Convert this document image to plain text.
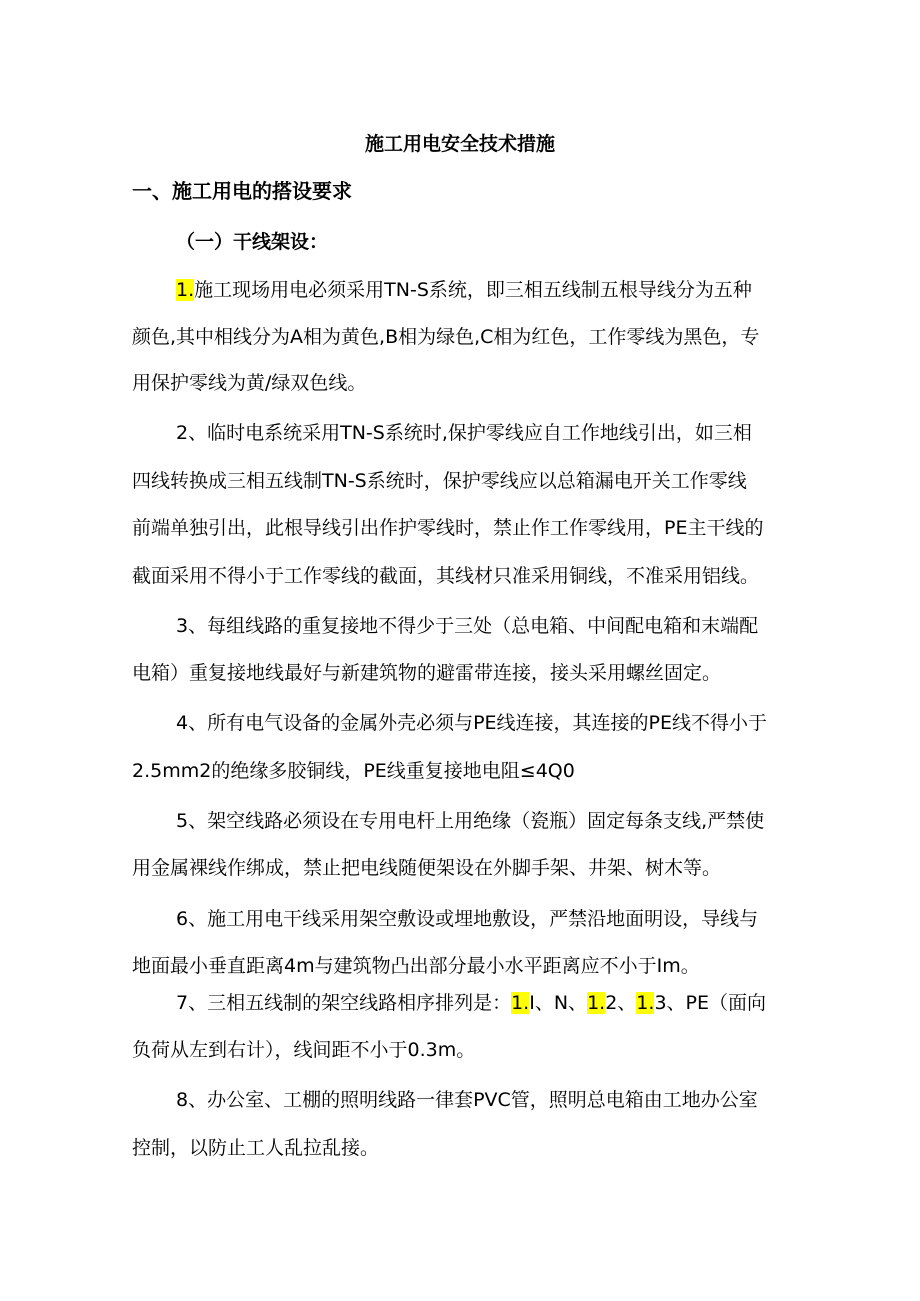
施工用电安全技术措施
一、施工用电的搭设要求
（一）干线架设：
1.施工现场用电必须采用TN-S系统，即三相五线制五根导线分为五种
颜色,其中相线分为A相为黄色,B相为绿色,C相为红色，工作零线为黑色，专
用保护零线为黄/绿双色线。
2、临时电系统采用TN-S系统时,保护零线应自工作地线引出，如三相
四线转换成三相五线制TN-S系统时，保护零线应以总箱漏电开关工作零线
前端单独引出，此根导线引出作护零线时，禁止作工作零线用，PE主干线的
截面采用不得小于工作零线的截面，其线材只准采用铜线，不准采用铝线。
3、每组线路的重复接地不得少于三处（总电箱、中间配电箱和末端配
电箱）重复接地线最好与新建筑物的避雷带连接，接头采用螺丝固定。
4、所有电气设备的金属外壳必须与PE线连接，其连接的PE线不得小于
2.5mm2的绝缘多胶铜线，PE线重复接地电阻≤4Q0
5、架空线路必须设在专用电杆上用绝缘（瓷瓶）固定每条支线,严禁使
用金属裸线作绑成，禁止把电线随便架设在外脚手架、井架、树木等。
6、施工用电干线采用架空敷设或埋地敷设，严禁沿地面明设，导线与
地面最小垂直距离4m与建筑物凸出部分最小水平距离应不小于Im。
7、三相五线制的架空线路相序排列是：1.I、N、1.2、1.3、PE（面向
负荷从左到右计），线间距不小于0.3m。
8、办公室、工棚的照明线路一律套PVC管，照明总电箱由工地办公室
控制，以防止工人乱拉乱接。
